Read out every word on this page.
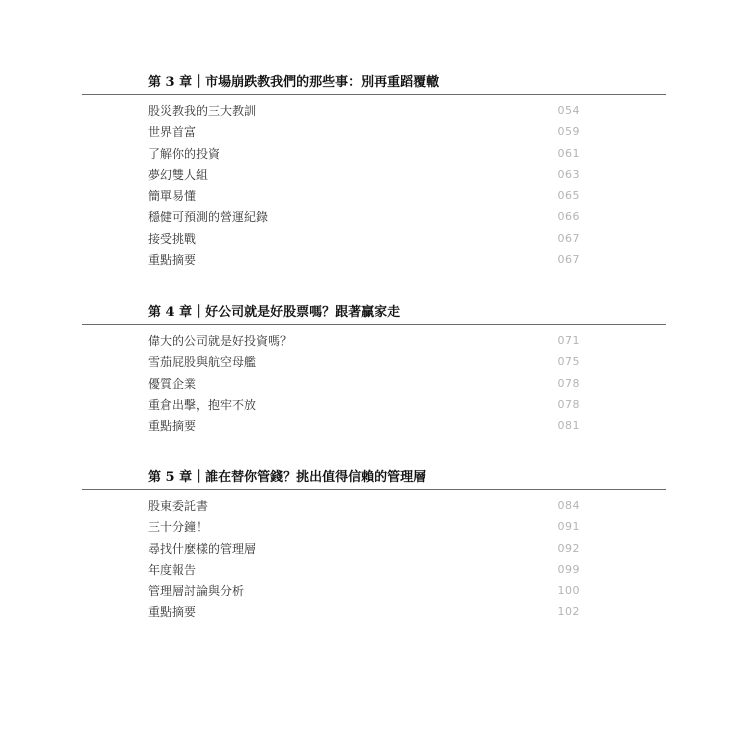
第 3 章｜市場崩跌教我們的那些事：別再重蹈覆轍
股災教我的三大教訓	054
世界首富	059
了解你的投資	061
夢幻雙人組	063
簡單易懂	065
穩健可預測的營運紀錄	066
接受挑戰	067
重點摘要	067
第 4 章｜好公司就是好股票嗎？跟著贏家走
偉大的公司就是好投資嗎？	071
雪茄屁股與航空母艦	075
優質企業	078
重倉出擊，抱牢不放	078
重點摘要	081
第 5 章｜誰在替你管錢？挑出值得信賴的管理層
股東委託書	084
三十分鐘！	091
尋找什麼樣的管理層	092
年度報告	099
管理層討論與分析	100
重點摘要	102
